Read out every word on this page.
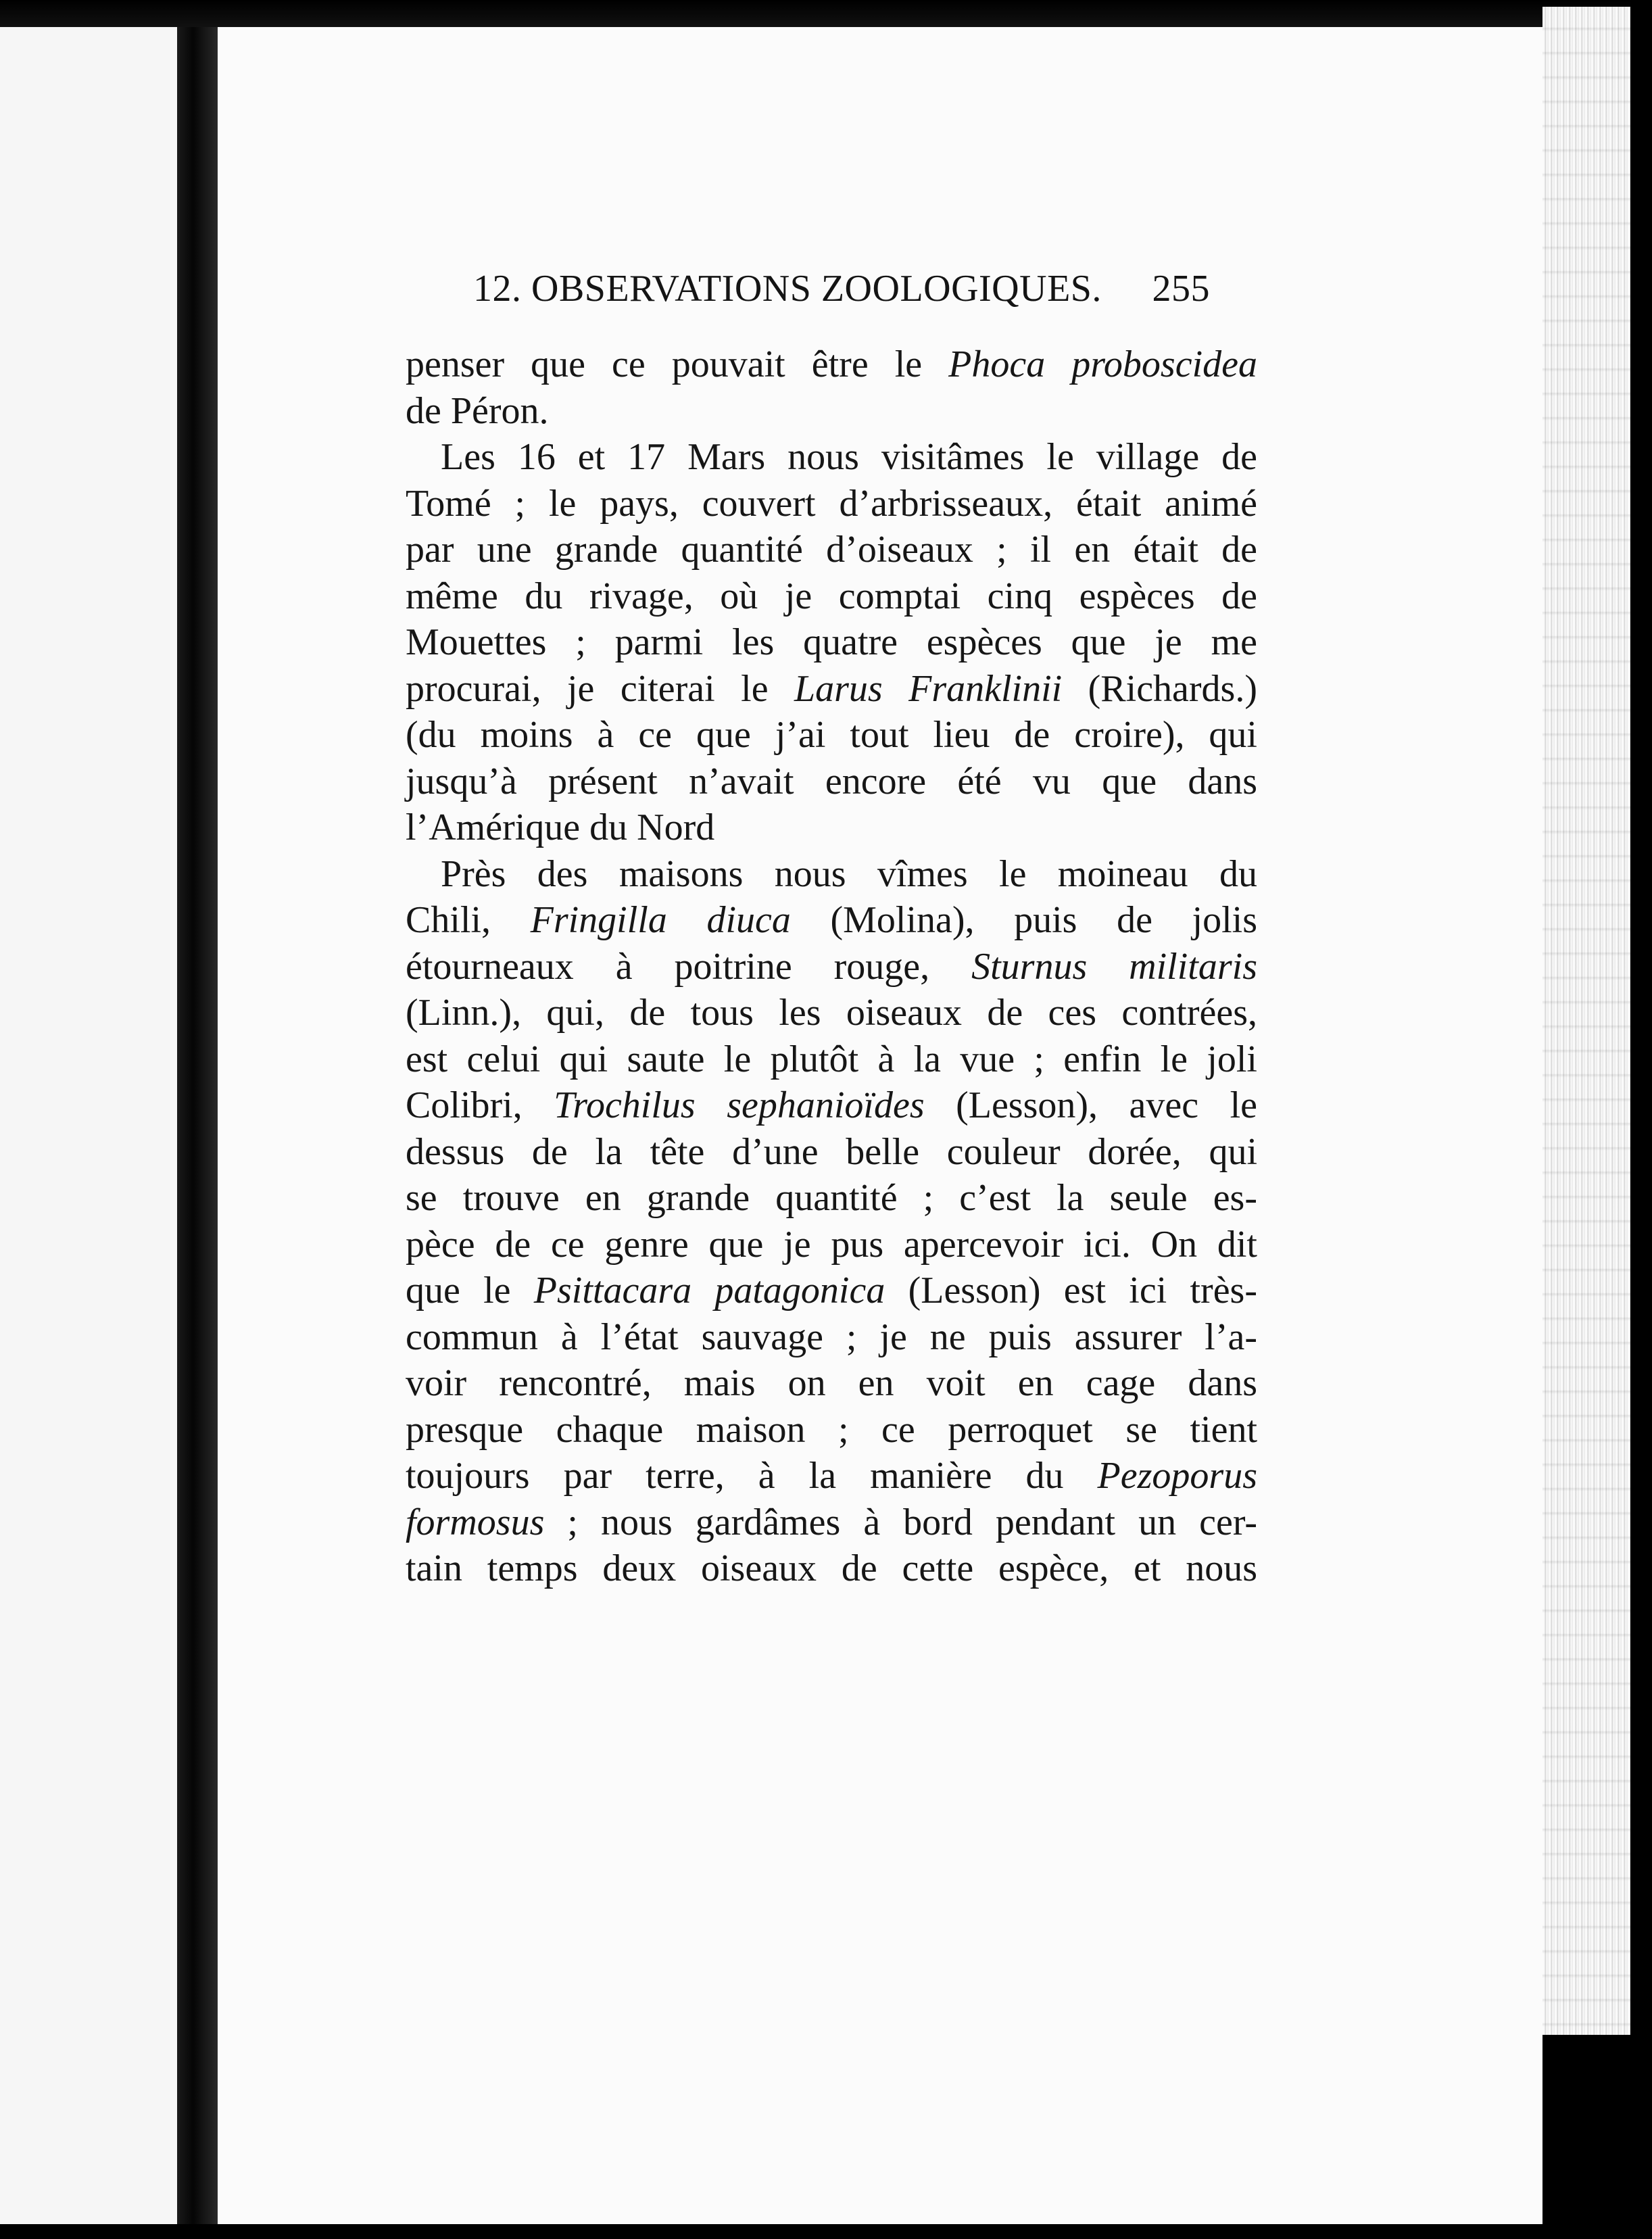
12. OBSERVATIONS ZOOLOGIQUES. 255
penser que ce pouvait être le Phoca proboscidea
de Péron.
Les 16 et 17 Mars nous visitâmes le village de
Tomé ; le pays, couvert d’arbrisseaux, était animé
par une grande quantité d’oiseaux ; il en était de
même du rivage, où je comptai cinq espèces de
Mouettes ; parmi les quatre espèces que je me
procurai, je citerai le Larus Franklinii (Richards.)
(du moins à ce que j’ai tout lieu de croire), qui
jusqu’à présent n’avait encore été vu que dans
l’Amérique du Nord
Près des maisons nous vîmes le moineau du
Chili, Fringilla diuca (Molina), puis de jolis
étourneaux à poitrine rouge, Sturnus militaris
(Linn.), qui, de tous les oiseaux de ces contrées,
est celui qui saute le plutôt à la vue ; enfin le joli
Colibri, Trochilus sephanioïdes (Lesson), avec le
dessus de la tête d’une belle couleur dorée, qui
se trouve en grande quantité ; c’est la seule es-
pèce de ce genre que je pus apercevoir ici. On dit
que le Psittacara patagonica (Lesson) est ici très-
commun à l’état sauvage ; je ne puis assurer l’a-
voir rencontré, mais on en voit en cage dans
presque chaque maison ; ce perroquet se tient
toujours par terre, à la manière du Pezoporus
formosus ; nous gardâmes à bord pendant un cer-
tain temps deux oiseaux de cette espèce, et nous
